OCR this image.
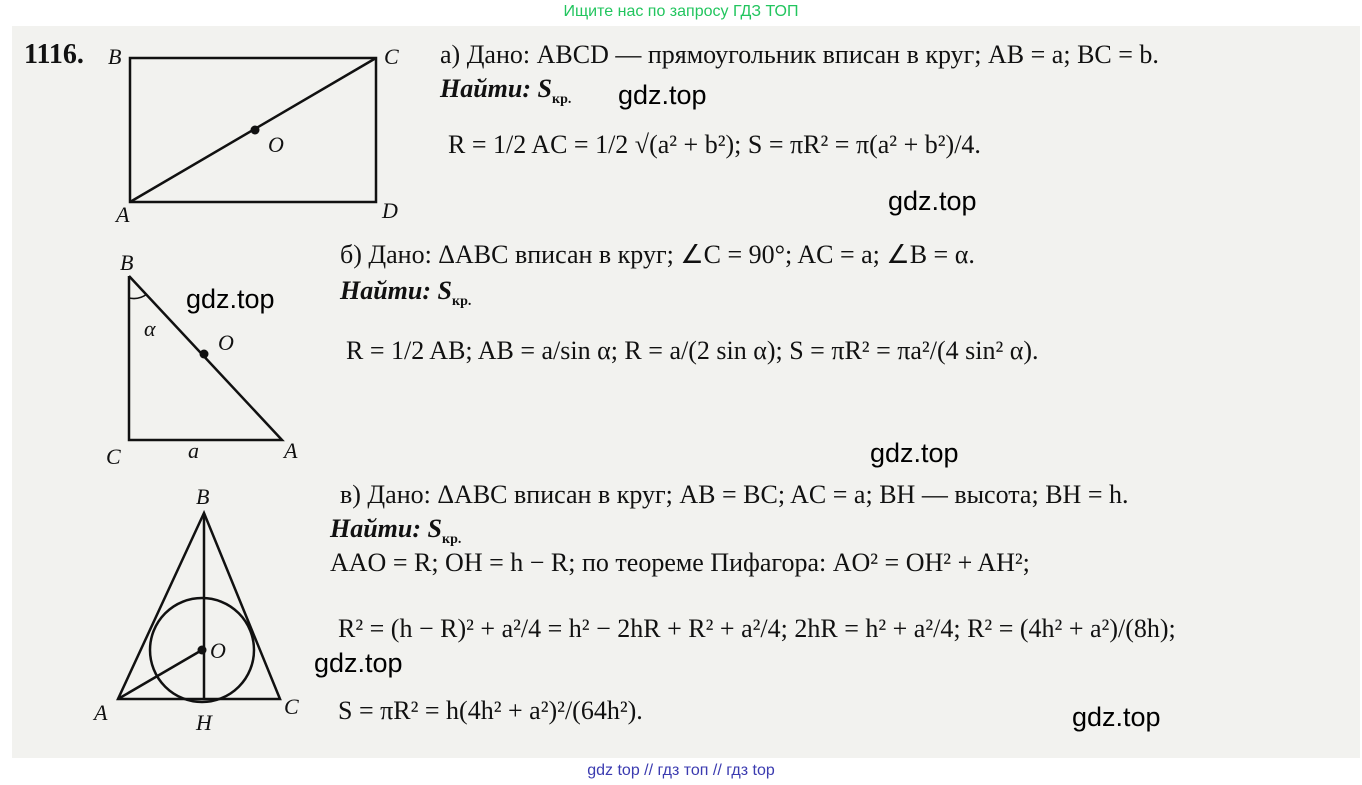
Ищите нас по запросу ГДЗ ТОП
B	C
O
A	D
B
α
O
C	a	A
B
O
A	H
C
1116.	а) Дано: ABCD — прямоугольник вписан в круг; AB = a; BC = b.
Найти: $S_{кр.}$
R = 1/2 AC = 1/2 √(a² + b²); S = πR² = π(a² + b²)/4.
б) Дано: ΔABC вписан в круг; ∠C = 90°; AC = a; ∠B = α.
Найти: $S_{кр.}$
R = 1/2 AB; AB = a/sin α; R = a/(2 sin α); S = πR² = πa²/(4 sin² α).
в) Дано: ΔABC вписан в круг; AB = BC; AC = a; BH — высота; BH = h.
Найти: $S_{кр.}$
AAO = R; OH = h − R; по теореме Пифагора: AO² = OH² + AH²;
R² = (h − R)² + a²/4 = h² − 2hR + R² + a²/4; 2hR = h² + a²/4; R² = (4h² + a²)/(8h);
S = πR² = h(4h² + a²)²/(64h²).
gdz.top
gdz.top
gdz.top
gdz.top
gdz.top
gdz.top
gdz top // гдз топ // гдз top
